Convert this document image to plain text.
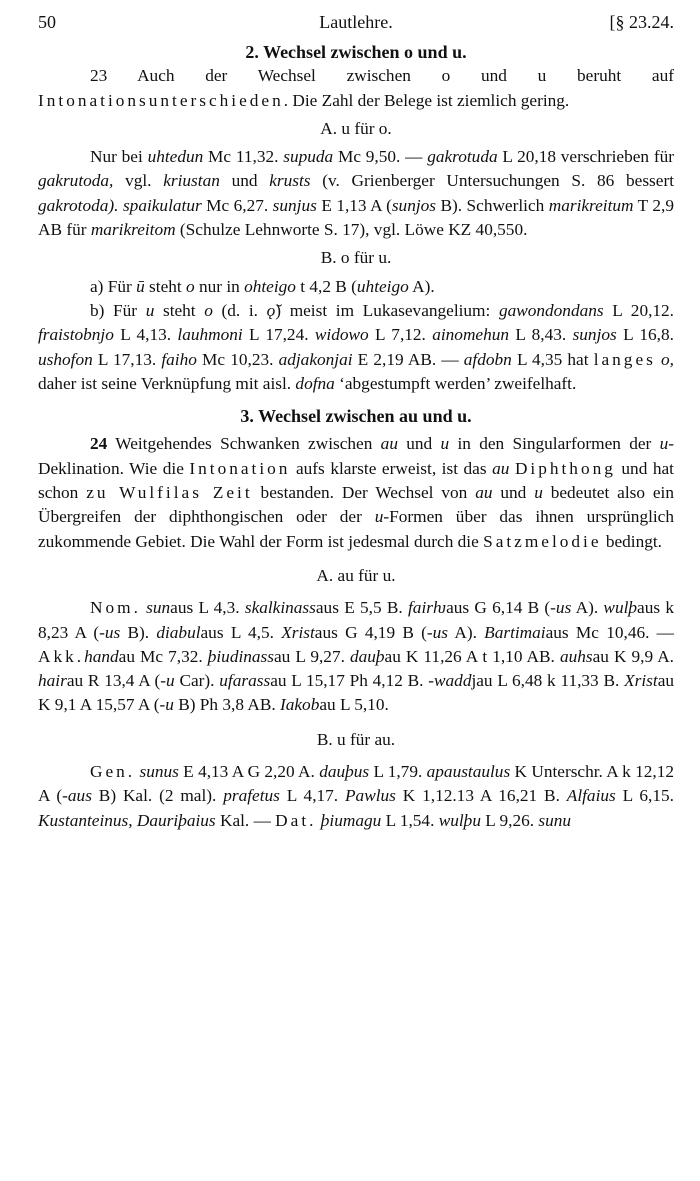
50	Lautlehre.	[§ 23.24.

2. Wechsel zwischen o und u.

23 Auch der Wechsel zwischen o und u beruht auf Intonationsunterschieden. Die Zahl der Belege ist ziemlich gering.

A. u für o.

Nur bei uhtedun Mc 11,32. supuda Mc 9,50. — gakrotuda L 20,18 verschrieben für gakrutoda, vgl. kriustan und krusts (v. Grienberger Untersuchungen S. 86 bessert gakrotoda). spaikulatur Mc 6,27. sunjus E 1,13 A (sunjos B). Schwerlich marikreitum T 2,9 AB für marikreitom (Schulze Lehnworte S. 17), vgl. Löwe KZ 40,550.

B. o für u.

a) Für ū steht o nur in ohteigo t 4,2 B (uhteigo A).

b) Für u steht o (d. i. ǫ̆) meist im Lukasevangelium: gawondondans L 20,12. fraistobnjo L 4,13. lauhmoni L 17,24. widowo L 7,12. ainomehun L 8,43. sunjos L 16,8. ushofon L 17,13. faiho Mc 10,23. adjakonjai E 2,19 AB. — afdobn L 4,35 hat langes o, daher ist seine Verknüpfung mit aisl. dofna ‘abgestumpft werden’ zweifelhaft.

3. Wechsel zwischen au und u.

24 Weitgehendes Schwanken zwischen au und u in den Singularformen der u-Deklination. Wie die Intonation aufs klarste erweist, ist das au Diphthong und hat schon zu Wulfilas Zeit bestanden. Der Wechsel von au und u bedeutet also ein Übergreifen der diphthongischen oder der u-Formen über das ihnen ursprünglich zukommende Gebiet. Die Wahl der Form ist jedesmal durch die Satzmelodie bedingt.

A. au für u.

Nom. sunaus L 4,3. skalkinassaus E 5,5 B. fairƕaus G 6,14 B (-us A). wulþaus k 8,23 A (-us B). diabulaus L 4,5. Xristaus G 4,19 B (-us A). Bartimaiaus Mc 10,46. — Akk.handau Mc 7,32. þiudinassau L 9,27. dauþau K 11,26 A t 1,10 AB. auhsau K 9,9 A. hairau R 13,4 A (-u Car). ufarassau L 15,17 Ph 4,12 B. -waddjau L 6,48 k 11,33 B. Xristau K 9,1 A 15,57 A (-u B) Ph 3,8 AB. Iakobau L 5,10.

B. u für au.

Gen. sunus E 4,13 A G 2,20 A. dauþus L 1,79. apaustaulus K Unterschr. A k 12,12 A (-aus B) Kal. (2 mal). prafetus L 4,17. Pawlus K 1,12.13 A 16,21 B. Alfaius L 6,15. Kustanteinus, Dauriþaius Kal. — Dat. þiumagu L 1,54. wulþu L 9,26. sunu
